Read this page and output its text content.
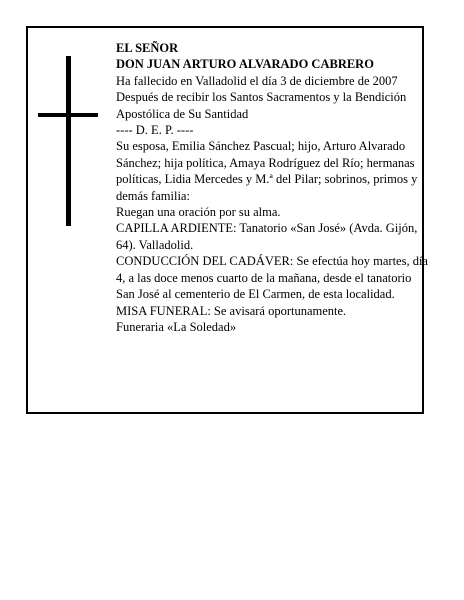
EL SEÑOR

DON JUAN ARTURO ALVARADO CABRERO

Ha fallecido en Valladolid el día 3 de diciembre de 2007

Después de recibir los Santos Sacramentos y la Bendición Apostólica de Su Santidad

---- D. E. P. ----

Su esposa, Emilia Sánchez Pascual; hijo, Arturo Alvarado Sánchez; hija política, Amaya Rodríguez del Río; hermanas políticas, Lidia Mercedes y M.ª del Pilar; sobrinos, primos y demás familia:

Ruegan una oración por su alma.

CAPILLA ARDIENTE: Tanatorio «San José» (Avda. Gijón, 64). Valladolid.

CONDUCCIÓN DEL CADÁVER: Se efectúa hoy martes, día 4, a las doce menos cuarto de la mañana, desde el tanatorio San José al cementerio de El Carmen, de esta localidad.

MISA FUNERAL: Se avisará oportunamente.

Funeraria «La Soledad»
